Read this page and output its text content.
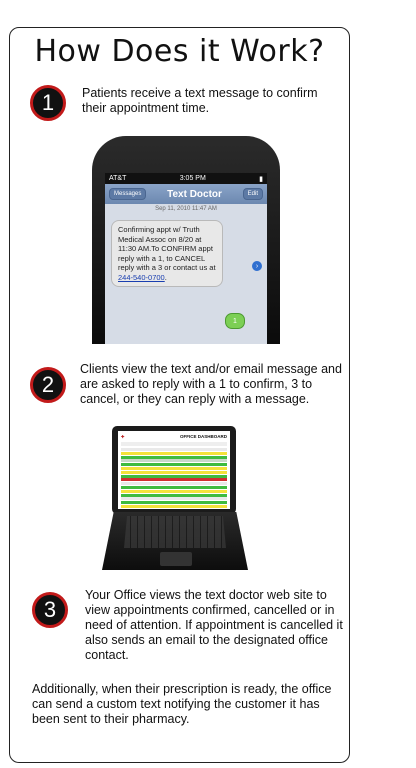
How Does it Work?
1	Patients receive a text message to confirm their appointment time.
AT&T	3:05 PM	▮
Messages	Text Doctor	Edit
Sep 11, 2010 11:47 AM
Confirming appt w/ Truth Medical Assoc on 8/20 at 11:30 AM.To CONFIRM appt reply with a 1, to CANCEL reply with a 3 or contact us at 244-540-0700.
›
1
2
Clients view the text and/or email message and are asked to reply with a 1 to confirm, 3 to cancel, or they can reply with a message.
✚	OFFICE DASHBOARD
3
Your Office views the text doctor web site to view appointments confirmed, cancelled or in need of attention. If appointment is cancelled it also sends an email to the designated office contact.
Additionally, when their prescription is ready, the office can send a custom text notifying the customer it has been sent to their pharmacy.
